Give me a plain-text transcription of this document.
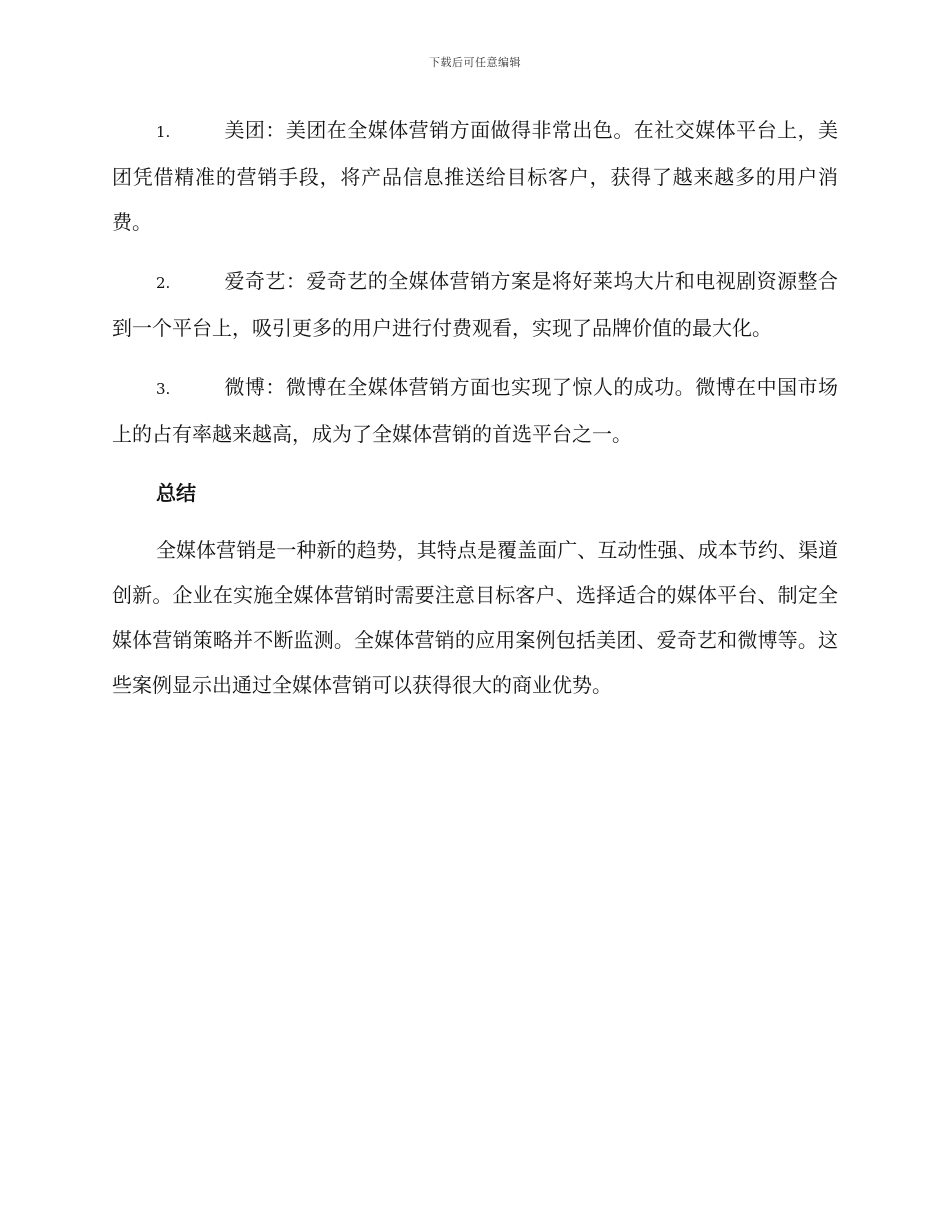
下载后可任意编辑

1.	美团：美团在全媒体营销方面做得非常出色。在社交媒体平台上，美团凭借精准的营销手段，将产品信息推送给目标客户，获得了越来越多的用户消费。

2.	爱奇艺：爱奇艺的全媒体营销方案是将好莱坞大片和电视剧资源整合到一个平台上，吸引更多的用户进行付费观看，实现了品牌价值的最大化。

3.	微博：微博在全媒体营销方面也实现了惊人的成功。微博在中国市场上的占有率越来越高，成为了全媒体营销的首选平台之一。

总结

全媒体营销是一种新的趋势，其特点是覆盖面广、互动性强、成本节约、渠道创新。企业在实施全媒体营销时需要注意目标客户、选择适合的媒体平台、制定全媒体营销策略并不断监测。全媒体营销的应用案例包括美团、爱奇艺和微博等。这些案例显示出通过全媒体营销可以获得很大的商业优势。
